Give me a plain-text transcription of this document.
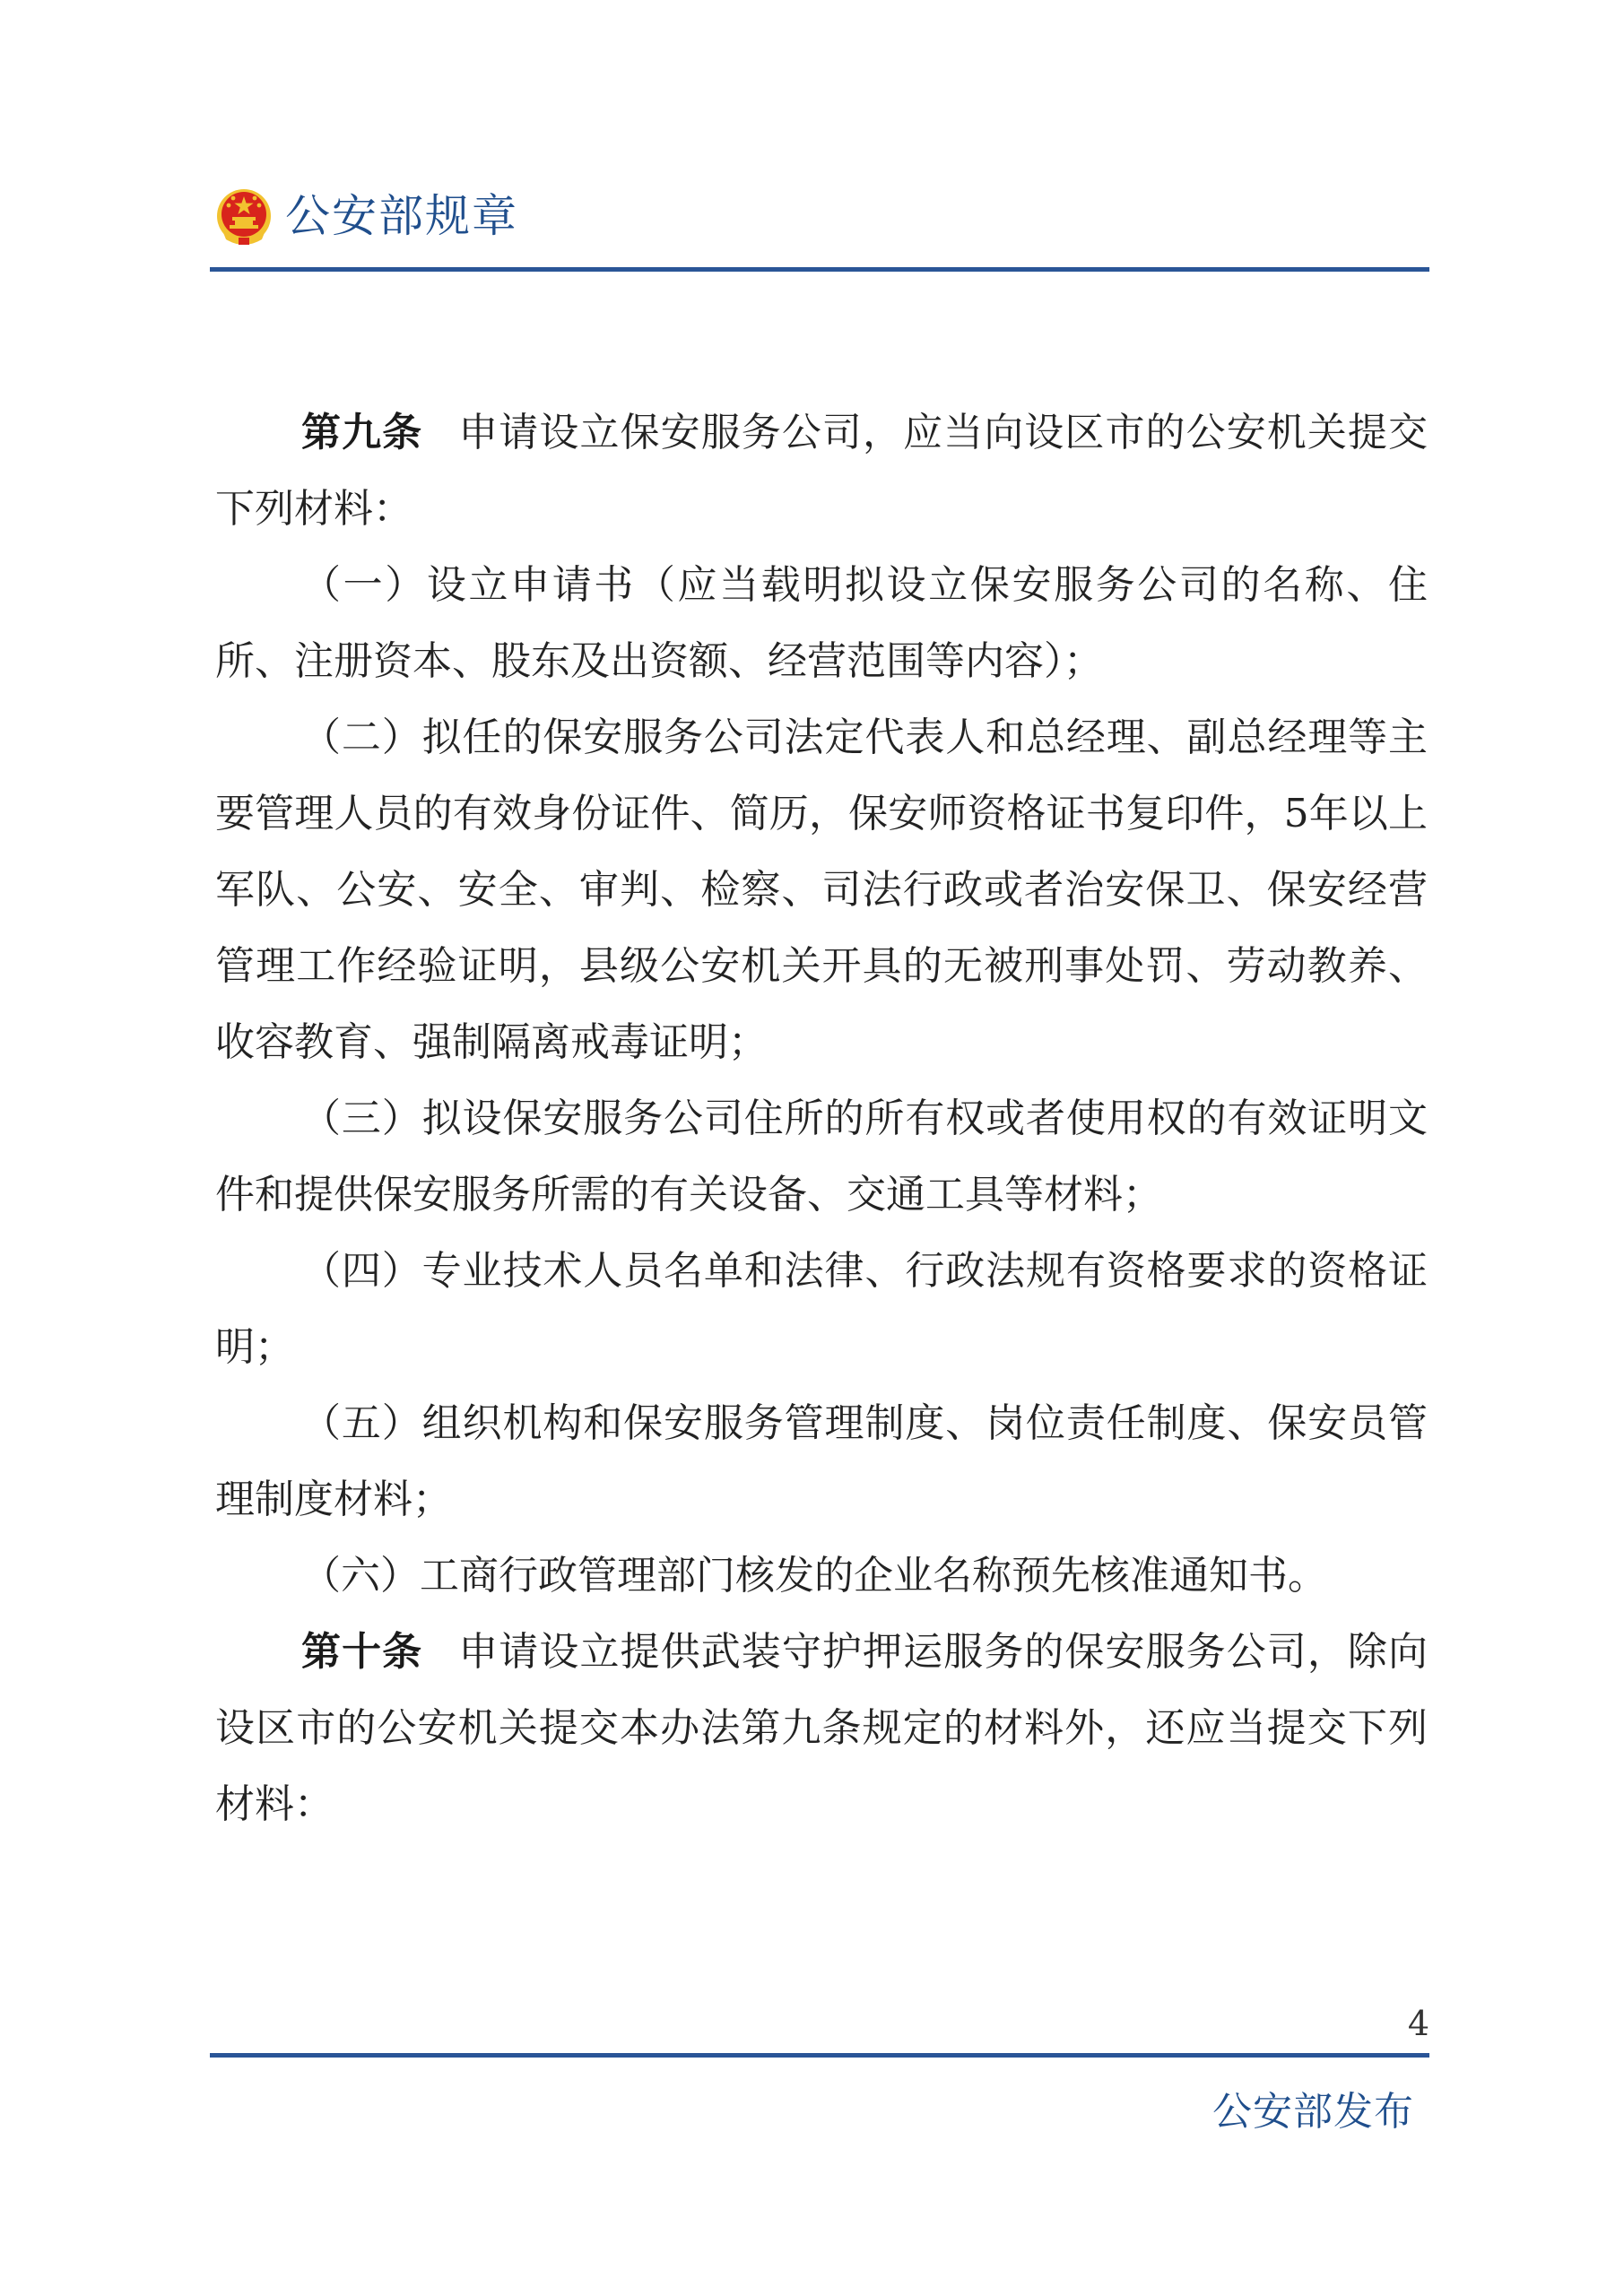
公安部规章

第九条 申请设立保安服务公司，应当向设区市的公安机关提交下列材料：

（一）设立申请书（应当载明拟设立保安服务公司的名称、住所、注册资本、股东及出资额、经营范围等内容）；

（二）拟任的保安服务公司法定代表人和总经理、副总经理等主要管理人员的有效身份证件、简历，保安师资格证书复印件，5年以上军队、公安、安全、审判、检察、司法行政或者治安保卫、保安经营管理工作经验证明，县级公安机关开具的无被刑事处罚、劳动教养、收容教育、强制隔离戒毒证明；

（三）拟设保安服务公司住所的所有权或者使用权的有效证明文件和提供保安服务所需的有关设备、交通工具等材料；

（四）专业技术人员名单和法律、行政法规有资格要求的资格证明；

（五）组织机构和保安服务管理制度、岗位责任制度、保安员管理制度材料；

（六）工商行政管理部门核发的企业名称预先核准通知书。

第十条 申请设立提供武装守护押运服务的保安服务公司，除向设区市的公安机关提交本办法第九条规定的材料外，还应当提交下列材料：

4
公安部发布
